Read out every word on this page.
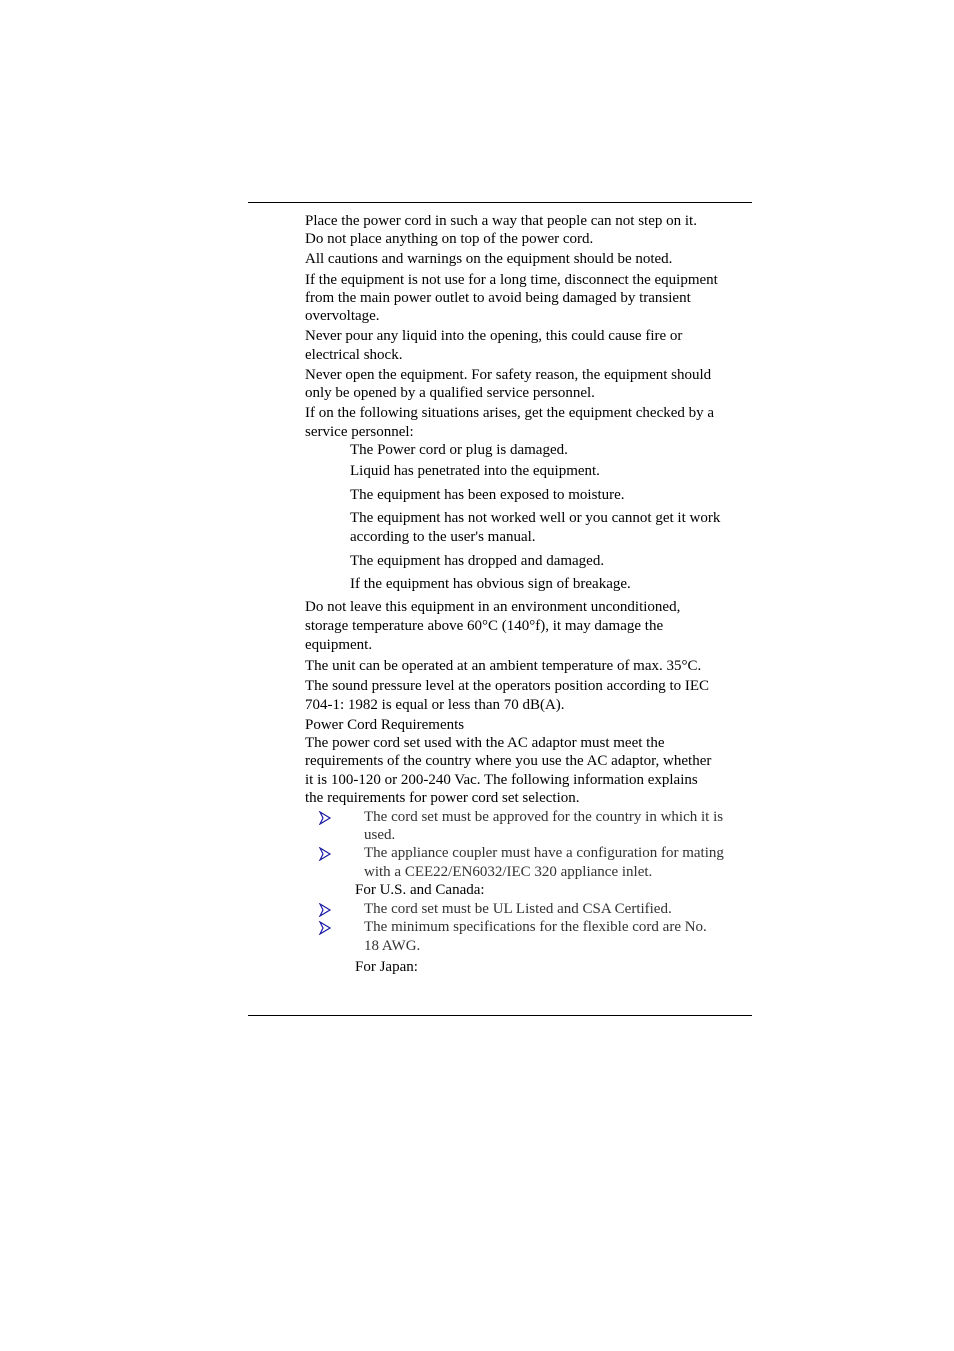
Place the power cord in such a way that people can not step on it.
Do not place anything on top of the power cord.
All cautions and warnings on the equipment should be noted.
If the equipment is not use for a long time, disconnect the equipment
from the main power outlet to avoid being damaged by transient
overvoltage.
Never pour any liquid into the opening, this could cause fire or
electrical shock.
Never open the equipment. For safety reason, the equipment should
only be opened by a qualified service personnel.
If on the following situations arises, get the equipment checked by a
service personnel:
The Power cord or plug is damaged.
Liquid has penetrated into the equipment.
The equipment has been exposed to moisture.
The equipment has not worked well or you cannot get it work
according to the user's manual.
The equipment has dropped and damaged.
If the equipment has obvious sign of breakage.
Do not leave this equipment in an environment unconditioned,
storage temperature above 60°C (140°f), it may damage the
equipment.
The unit can be operated at an ambient temperature of max. 35°C.
The sound pressure level at the operators position according to IEC
704-1: 1982 is equal or less than 70 dB(A).
Power Cord Requirements
The power cord set used with the AC adaptor must meet the
requirements of the country where you use the AC adaptor, whether
it is 100-120 or 200-240 Vac. The following information explains
the requirements for power cord set selection.
The cord set must be approved for the country in which it is
used.
The appliance coupler must have a configuration for mating
with a CEE22/EN6032/IEC 320 appliance inlet.
For U.S. and Canada:
The cord set must be UL Listed and CSA Certified.
The minimum specifications for the flexible cord are No.
18 AWG.
For Japan:
